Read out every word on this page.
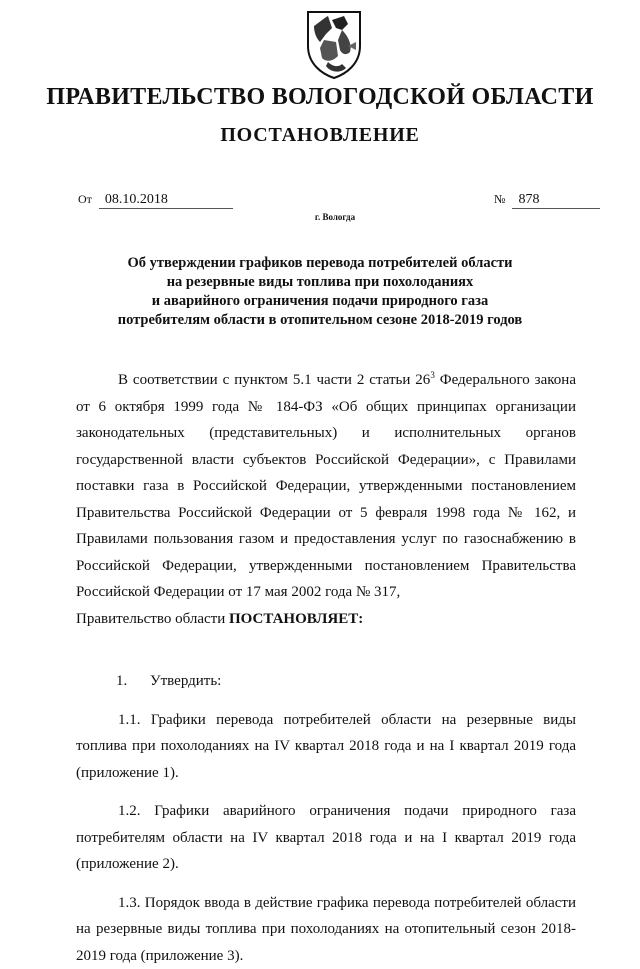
ПРАВИТЕЛЬСТВО ВОЛОГОДСКОЙ ОБЛАСТИ
ПОСТАНОВЛЕНИЕ
От 08.10.2018	№ 878
г. Вологда
Об утверждении графиков перевода потребителей области
на резервные виды топлива при похолоданиях
и аварийного ограничения подачи природного газа
потребителям области в отопительном сезоне 2018-2019 годов

В соответствии с пунктом 5.1 части 2 статьи $26^3$ Федерального закона от 6 октября 1999 года № 184-ФЗ «Об общих принципах организации законодательных (представительных) и исполнительных органов государственной власти субъектов Российской Федерации», с Правилами поставки газа в Российской Федерации, утвержденными постановлением Правительства Российской Федерации от 5 февраля 1998 года № 162, и Правилами пользования газом и предоставления услуг по газоснабжению в Российской Федерации, утвержденными постановлением Правительства Российской Федерации от 17 мая 2002 года № 317,

Правительство области ПОСТАНОВЛЯЕТ:

1. Утвердить:

1.1. Графики перевода потребителей области на резервные виды топлива при похолоданиях на IV квартал 2018 года и на I квартал 2019 года (приложение 1).

1.2. Графики аварийного ограничения подачи природного газа потребителям области на IV квартал 2018 года и на I квартал 2019 года (приложение 2).

1.3. Порядок ввода в действие графика перевода потребителей области на резервные виды топлива при похолоданиях на отопительный сезон 2018-2019 года (приложение 3).
